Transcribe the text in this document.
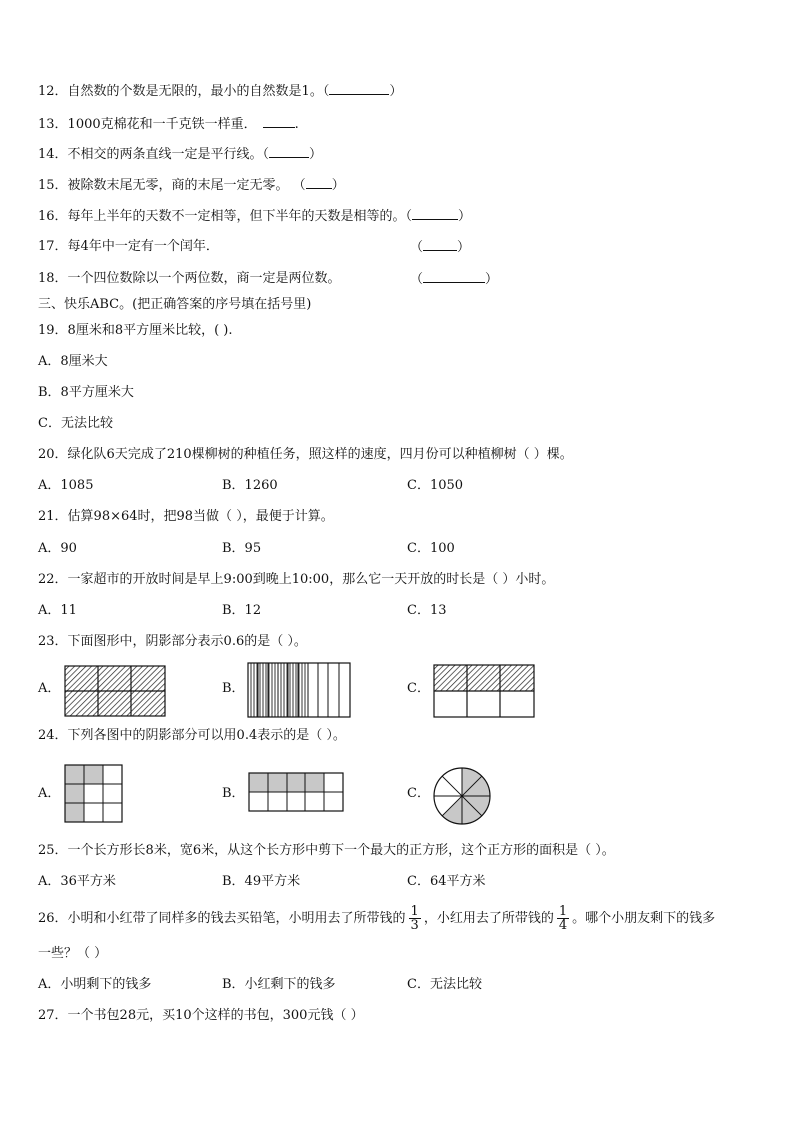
12．自然数的个数是无限的，最小的自然数是1。（	）
13．1000克棉花和一千克铁一样重．	.
14．不相交的两条直线一定是平行线。（	）
15．被除数末尾无零，商的末尾一定无零。 （ ）
16．每年上半年的天数不一定相等，但下半年的天数是相等的。（	）
17．每4年中一定有一个闰年．	（	）
18．一个四位数除以一个两位数，商一定是两位数。	（	）
三、快乐ABC。(把正确答案的序号填在括号里)
19．8厘米和8平方厘米比较，( ).
A．8厘米大
B．8平方厘米大
C．无法比较
20．绿化队6天完成了210棵柳树的种植任务，照这样的速度，四月份可以种植柳树（ ）棵。
A．1085	B．1260	C．1050
21．估算98×64时，把98当做（ ），最便于计算。
A．90	B．95	C．100
22．一家超市的开放时间是早上9:00到晚上10:00，那么它一天开放的时长是（ ）小时。
A．11	B．12	C．13
23．下面图形中，阴影部分表示0.6的是（ ）。
A．	B．	C．
24．下列各图中的阴影部分可以用0.4表示的是（ ）。
A．	B．	C．
25．一个长方形长8米，宽6米，从这个长方形中剪下一个最大的正方形，这个正方形的面积是（ ）。
A．36平方米	B．49平方米	C．64平方米
26．小明和小红带了同样多的钱去买铅笔，小明用去了所带钱的 $\frac{1}{3}$ ，小红用去了所带钱的 $\frac{1}{4}$ 。哪个小朋友剩下的钱多
一些？（ ）
A．小明剩下的钱多	B．小红剩下的钱多	C．无法比较
27．一个书包28元，买10个这样的书包，300元钱（ ）
